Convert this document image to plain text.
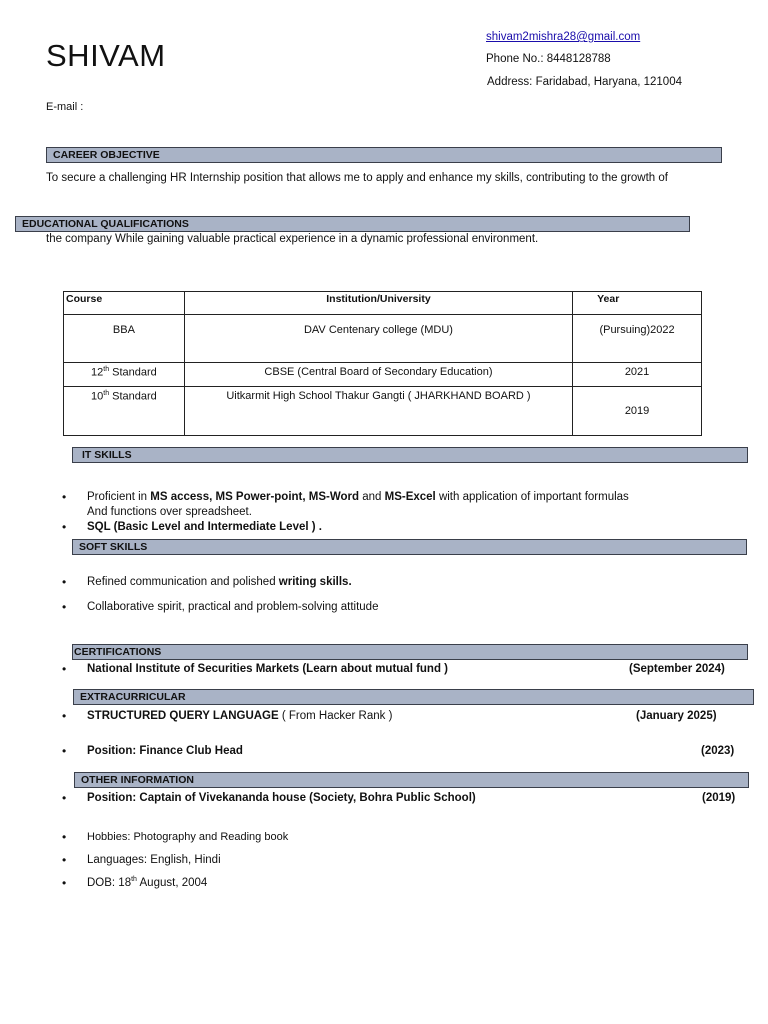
SHIVAM
shivam2mishra28@gmail.com
Phone No.: 8448128788
Address: Faridabad, Haryana, 121004
E-mail :
CAREER OBJECTIVE
To secure a challenging HR Internship position that allows me to apply and enhance my skills, contributing to the growth of
EDUCATIONAL QUALIFICATIONS
the company While gaining valuable practical experience in a dynamic professional environment.
Course	Institution/University	Year
BBA	DAV Centenary college (MDU)	(Pursuing)2022
12th Standard	CBSE (Central Board of Secondary Education)	2021
10th Standard	Uitkarmit High School Thakur Gangti ( JHARKHAND BOARD )	2019
IT SKILLS
• Proficient in MS access, MS Power-point, MS-Word and MS-Excel with application of important formulas
And functions over spreadsheet.
• SQL (Basic Level and Intermediate Level ) .
SOFT SKILLS
• Refined communication and polished writing skills.
• Collaborative spirit, practical and problem-solving attitude
CERTIFICATIONS
• National Institute of Securities Markets (Learn about mutual fund )	(September 2024)
EXTRACURRICULAR
• STRUCTURED QUERY LANGUAGE ( From Hacker Rank )	(January 2025)
• Position: Finance Club Head	(2023)
OTHER INFORMATION
• Position: Captain of Vivekananda house (Society, Bohra Public School)	(2019)
• Hobbies: Photography and Reading book
• Languages: English, Hindi
• DOB: 18th August, 2004
